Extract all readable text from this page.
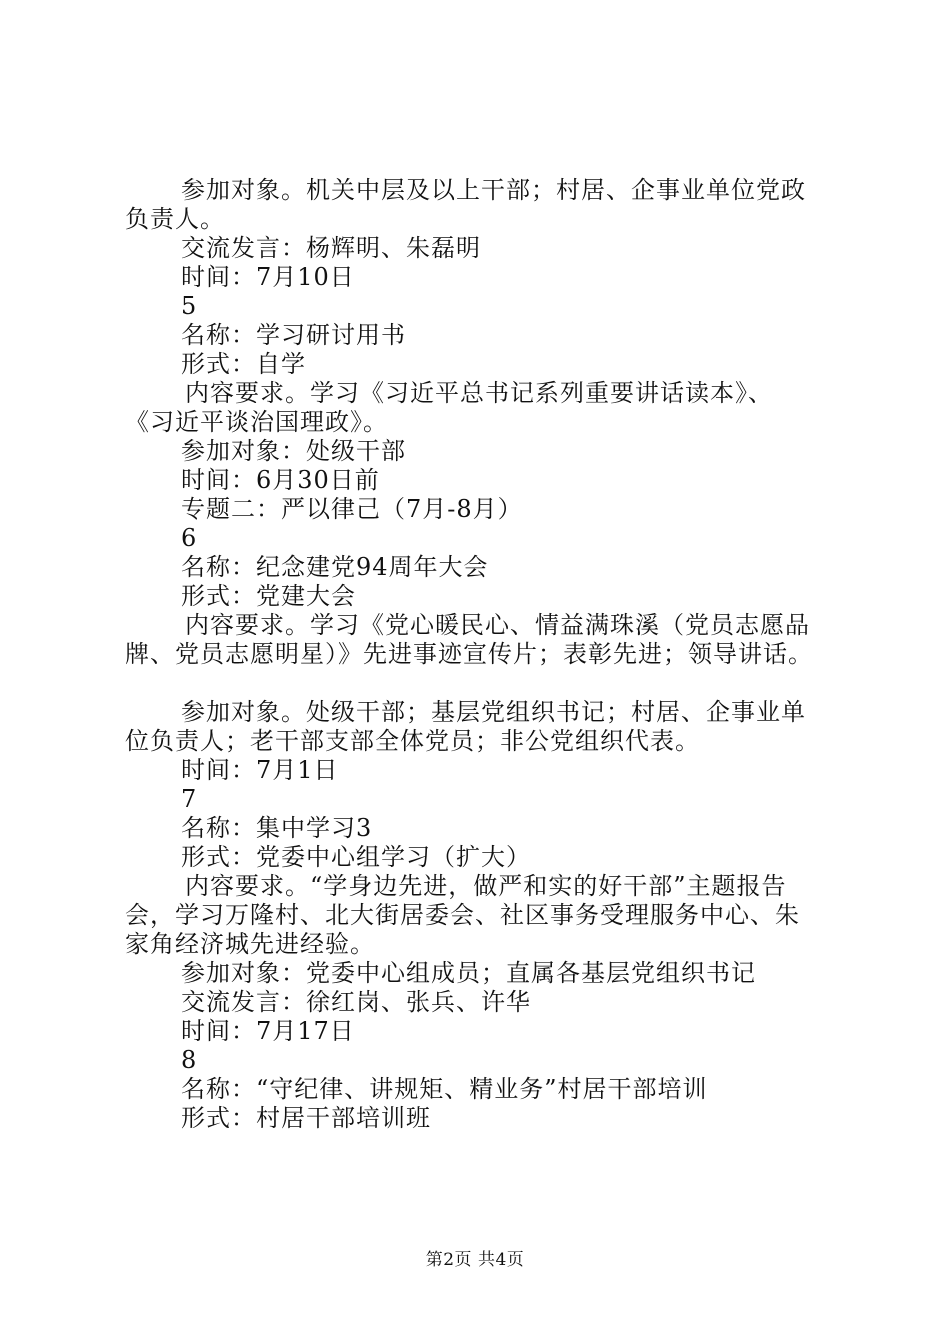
参加对象。机关中层及以上干部；村居、企事业单位党政
负责人。
交流发言：杨辉明、朱磊明
时间：7月10日
5
名称：学习研讨用书
形式：自学
内容要求。学习《习近平总书记系列重要讲话读本》、
《习近平谈治国理政》。
参加对象：处级干部
时间：6月30日前
专题二：严以律己（7月-8月）
6
名称：纪念建党94周年大会
形式：党建大会
内容要求。学习《党心暖民心、情益满珠溪（党员志愿品
牌、党员志愿明星）》先进事迹宣传片；表彰先进；领导讲话。
参加对象。处级干部；基层党组织书记；村居、企事业单
位负责人；老干部支部全体党员；非公党组织代表。
时间：7月1日
7
名称：集中学习3
形式：党委中心组学习（扩大）
内容要求。“学身边先进，做严和实的好干部”主题报告
会，学习万隆村、北大街居委会、社区事务受理服务中心、朱
家角经济城先进经验。
参加对象：党委中心组成员；直属各基层党组织书记
交流发言：徐红岗、张兵、许华
时间：7月17日
8
名称：“守纪律、讲规矩、精业务”村居干部培训
形式：村居干部培训班
第2页 共4页
